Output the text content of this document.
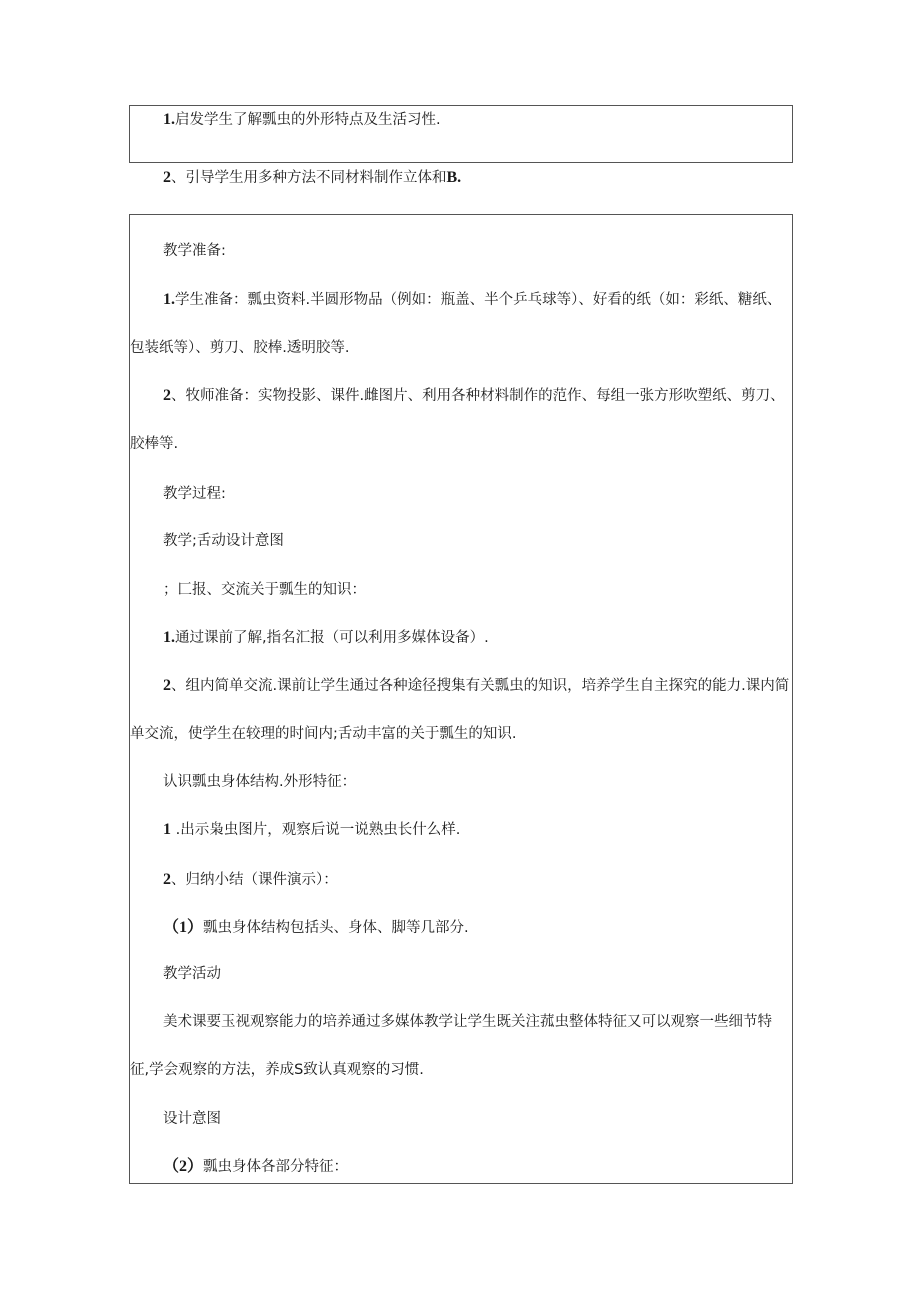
1.启发学生了解瓢虫的外形特点及生活习性.
2、引导学生用多种方法不同材料制作立体和B.
教学准备:
1.学生准备：瓢虫资料.半圆形物品（例如：瓶盖、半个乒乓球等）、好看的纸（如：彩纸、糖纸、
包装纸等）、剪刀、胶棒.透明胶等.
2、牧师准备：实物投影、课件.雌图片、利用各种材料制作的范作、每组一张方形吹塑纸、剪刀、
胶棒等.
教学过程:
教学;舌动设计意图
；匚报、交流关于瓢生的知识：
1.通过课前了解,指名汇报（可以利用多媒体设备）.
2、组内简单交流.课前让学生通过各种途径搜集有关瓢虫的知识，培养学生自主探究的能力.课内简
单交流，使学生在较理的时间内;舌动丰富的关于瓢生的知识.
认识瓢虫身体结构.外形特征：
1 .出示枭虫图片，观察后说一说熟虫长什么样.
2、归纳小结（课件演示）：
（1）瓢虫身体结构包括头、身体、脚等几部分.
教学活动
美术课要玉视观察能力的培养通过多媒体教学让学生既关注菰虫整体特征又可以观察一些细节特
征,学会观察的方法，养成S致认真观察的习惯.
设计意图
（2）瓢虫身体各部分特征：
